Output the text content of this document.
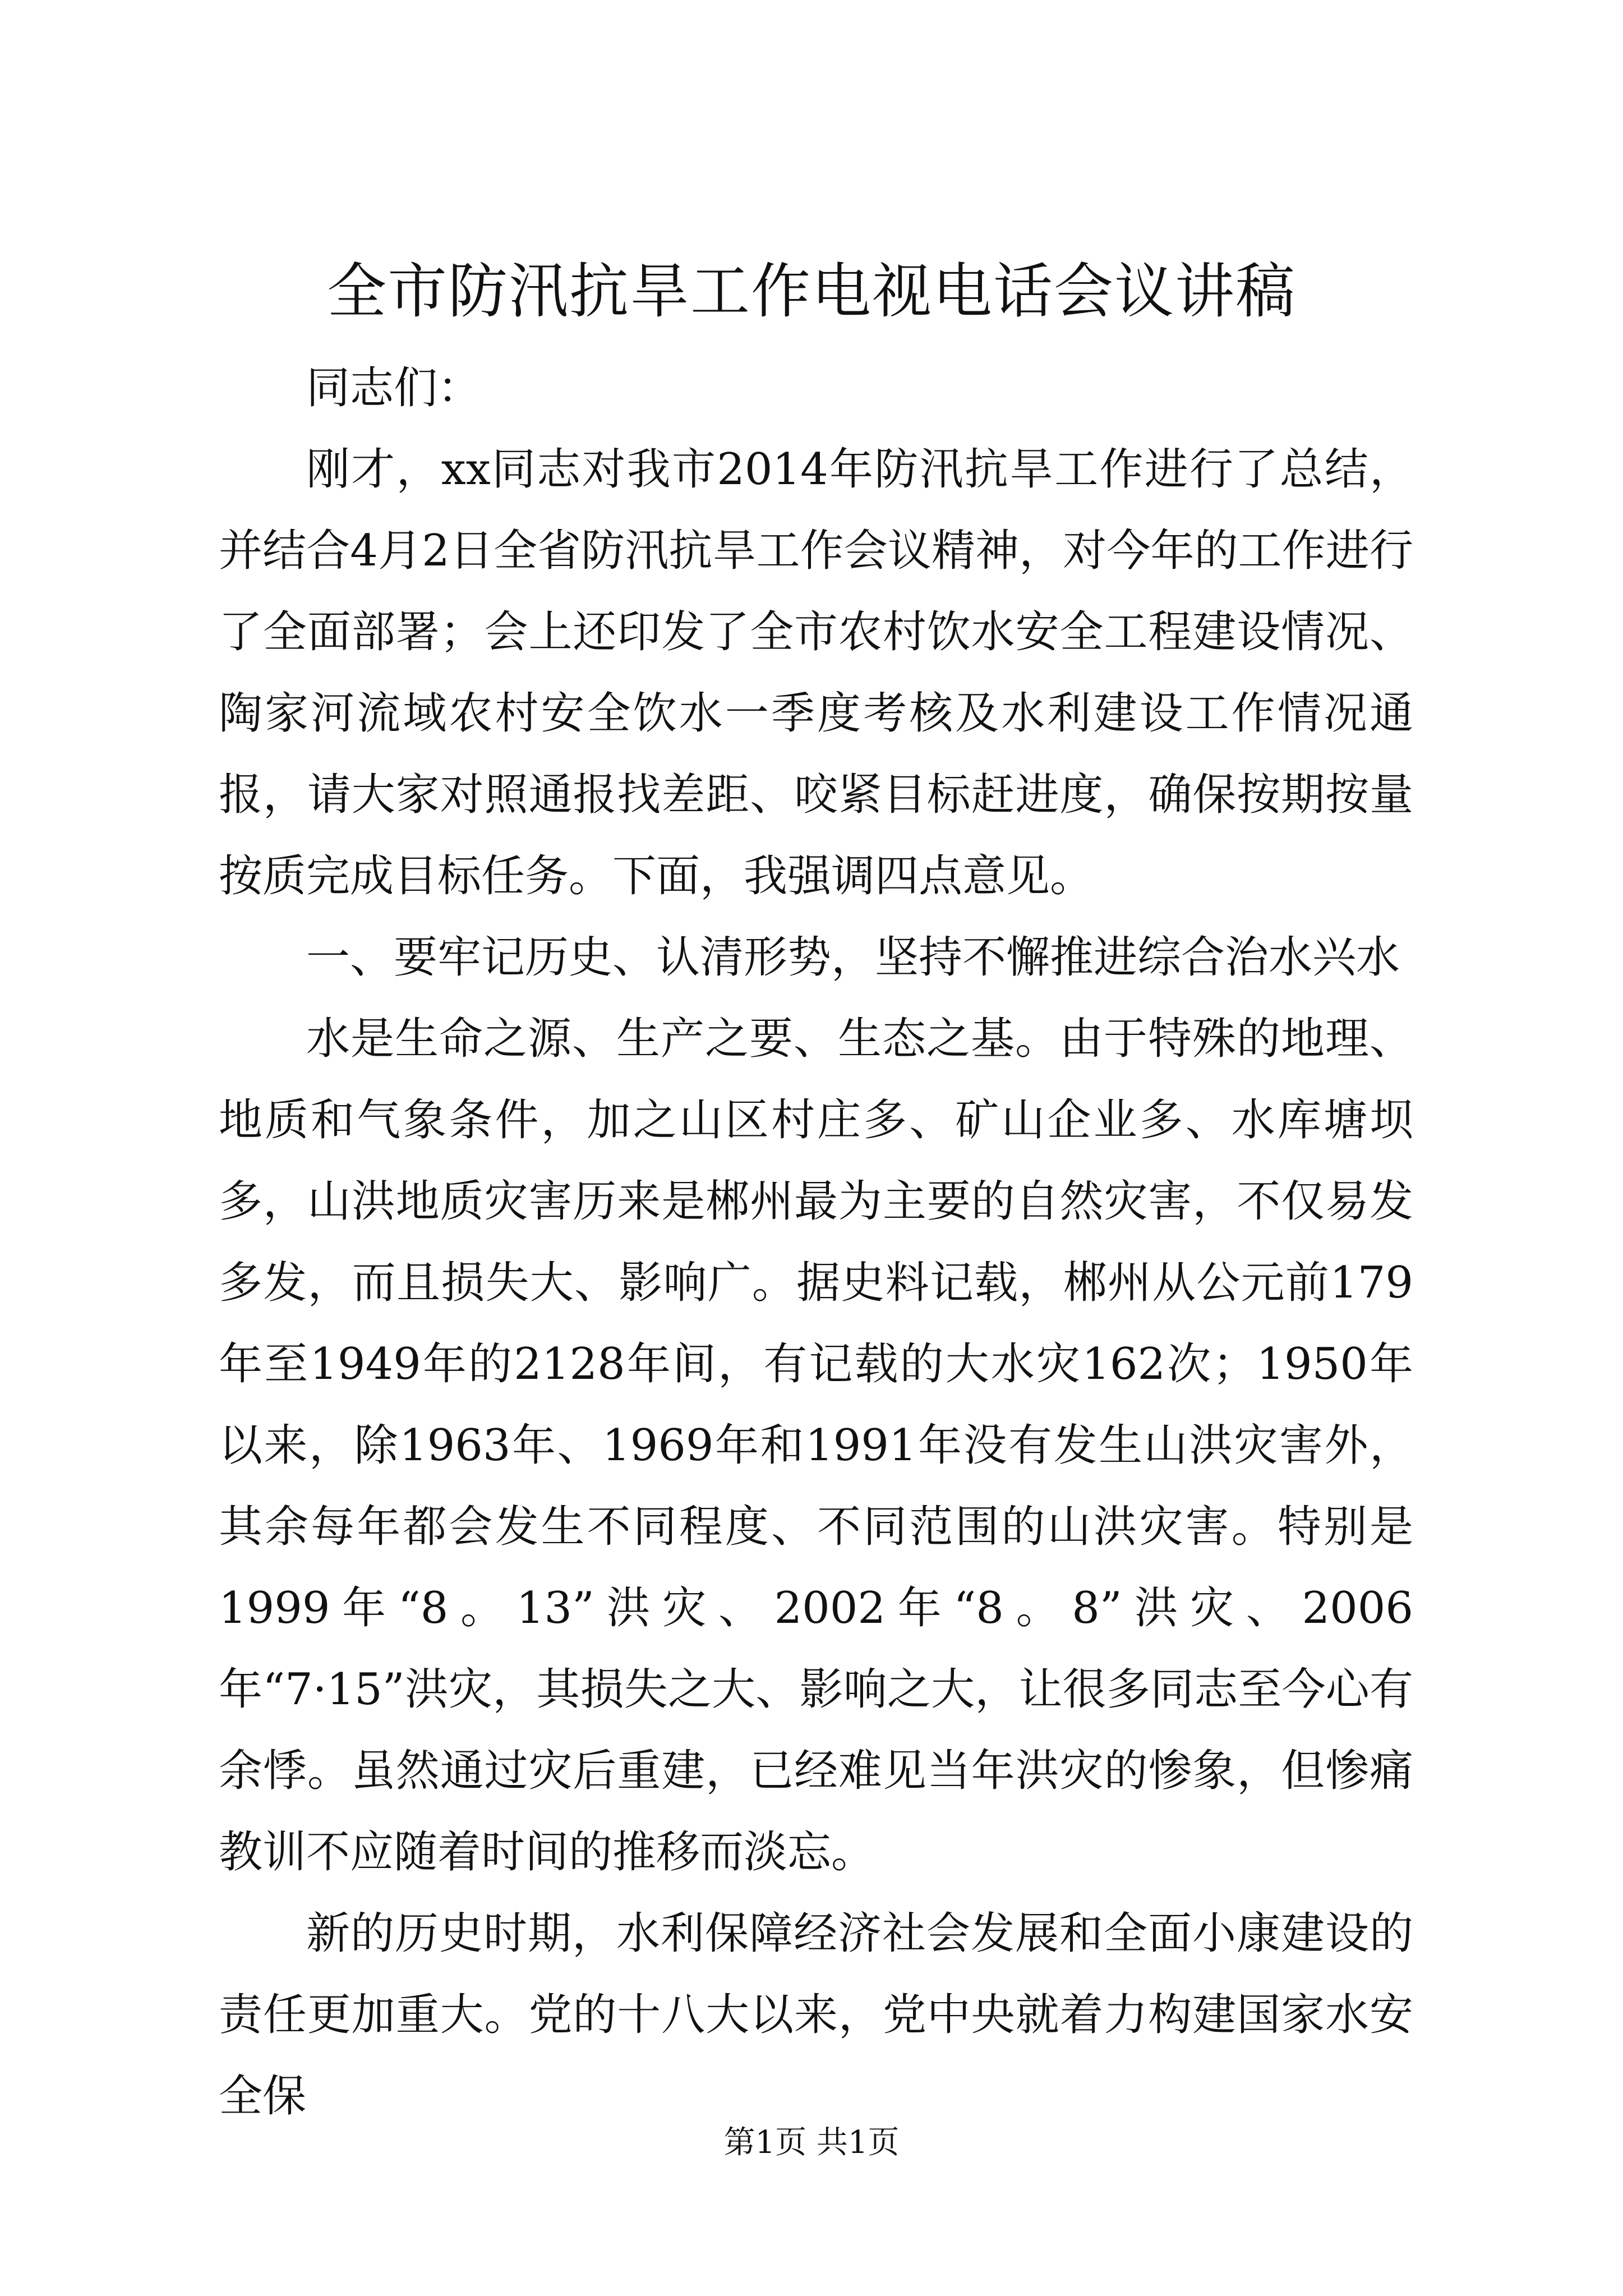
全市防汛抗旱工作电视电话会议讲稿

同志们：

刚才，xx同志对我市2014年防汛抗旱工作进行了总结，并结合4月2日全省防汛抗旱工作会议精神，对今年的工作进行了全面部署；会上还印发了全市农村饮水安全工程建设情况、陶家河流域农村安全饮水一季度考核及水利建设工作情况通报，请大家对照通报找差距、咬紧目标赶进度，确保按期按量按质完成目标任务。下面，我强调四点意见。

一、要牢记历史、认清形势，坚持不懈推进综合治水兴水

水是生命之源、生产之要、生态之基。由于特殊的地理、地质和气象条件，加之山区村庄多、矿山企业多、水库塘坝多，山洪地质灾害历来是郴州最为主要的自然灾害，不仅易发多发，而且损失大、影响广。据史料记载，郴州从公元前179年至1949年的2128年间，有记载的大水灾162次；1950年以来，除1963年、1969年和1991年没有发生山洪灾害外，其余每年都会发生不同程度、不同范围的山洪灾害。特别是1999年“8。13”洪灾、2002年“8。8”洪灾、2006年“7·15”洪灾，其损失之大、影响之大，让很多同志至今心有余悸。虽然通过灾后重建，已经难见当年洪灾的惨象，但惨痛教训不应随着时间的推移而淡忘。

新的历史时期，水利保障经济社会发展和全面小康建设的责任更加重大。党的十八大以来，党中央就着力构建国家水安全保

第1页 共1页
